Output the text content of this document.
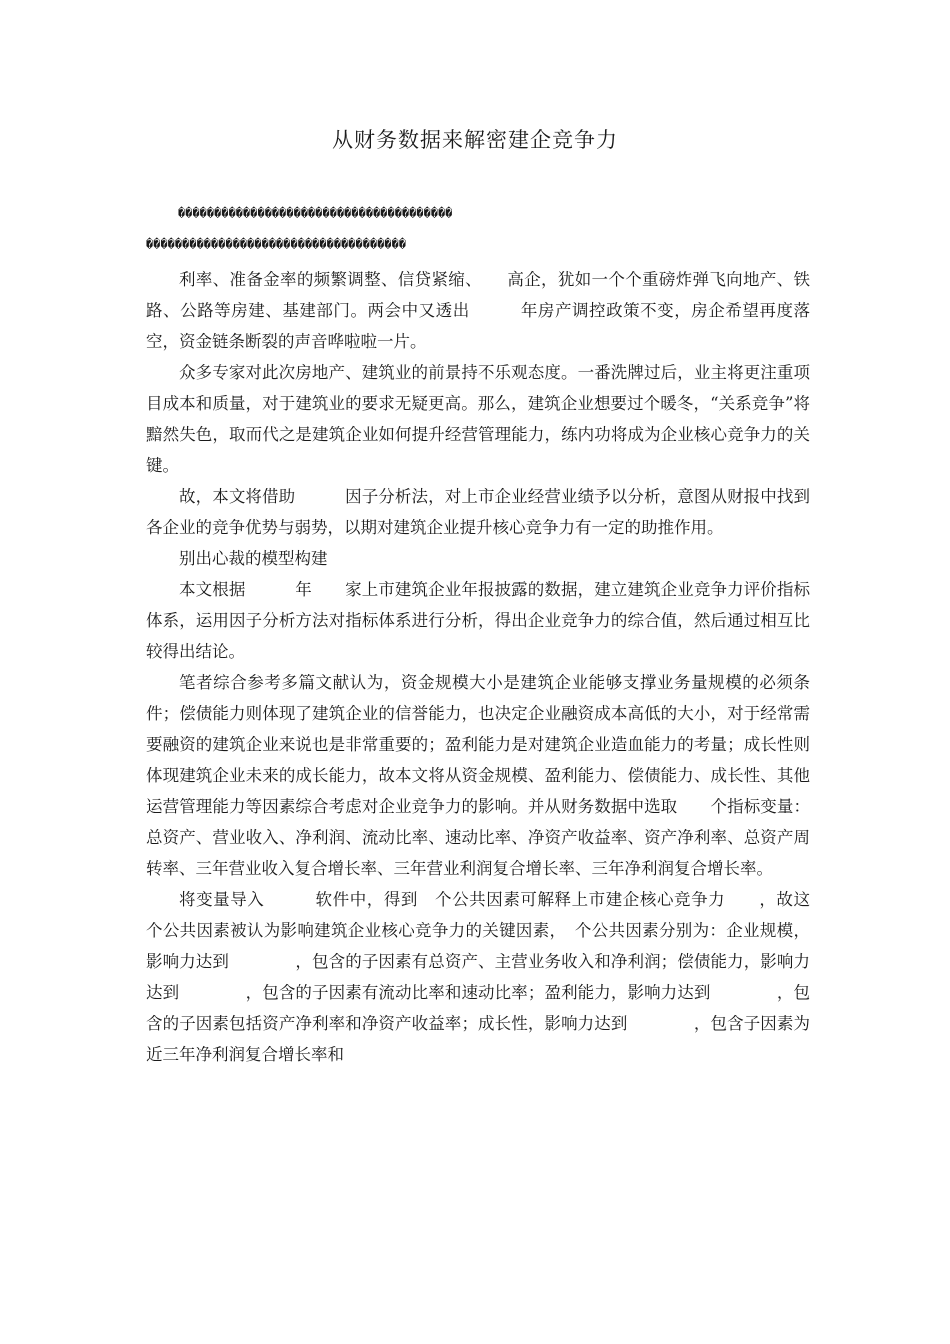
从财务数据来解密建企竞争力
��������������������������������������
������������������������������������

利率、准备金率的频繁调整、信贷紧缩、　　高企，犹如一个个重磅炸弹飞向地产、铁路、公路等房建、基建部门。两会中又透出　　　年房产调控政策不变，房企希望再度落空，资金链条断裂的声音哗啦啦一片。

众多专家对此次房地产、建筑业的前景持不乐观态度。一番洗牌过后，业主将更注重项目成本和质量，对于建筑业的要求无疑更高。那么，建筑企业想要过个暖冬，“关系竞争”将黯然失色，取而代之是建筑企业如何提升经营管理能力，练内功将成为企业核心竞争力的关键。

故，本文将借助　　　因子分析法，对上市企业经营业绩予以分析，意图从财报中找到各企业的竞争优势与弱势，以期对建筑企业提升核心竞争力有一定的助推作用。

别出心裁的模型构建

本文根据　　　年　　家上市建筑企业年报披露的数据，建立建筑企业竞争力评价指标体系，运用因子分析方法对指标体系进行分析，得出企业竞争力的综合值，然后通过相互比较得出结论。

笔者综合参考多篇文献认为，资金规模大小是建筑企业能够支撑业务量规模的必须条件；偿债能力则体现了建筑企业的信誉能力，也决定企业融资成本高低的大小，对于经常需要融资的建筑企业来说也是非常重要的；盈利能力是对建筑企业造血能力的考量；成长性则体现建筑企业未来的成长能力，故本文将从资金规模、盈利能力、偿债能力、成长性、其他运营管理能力等因素综合考虑对企业竞争力的影响。并从财务数据中选取　　个指标变量：总资产、营业收入、净利润、流动比率、速动比率、净资产收益率、资产净利率、总资产周转率、三年营业收入复合增长率、三年营业利润复合增长率、三年净利润复合增长率。

将变量导入　　　软件中，得到　个公共因素可解释上市建企核心竞争力　　，故这　个公共因素被认为影响建筑企业核心竞争力的关键因素，　个公共因素分别为：企业规模，影响力达到　　　　，包含的子因素有总资产、主营业务收入和净利润；偿债能力，影响力达到　　　　，包含的子因素有流动比率和速动比率；盈利能力，影响力达到　　　　，包含的子因素包括资产净利率和净资产收益率；成长性，影响力达到　　　　，包含子因素为近三年净利润复合增长率和
